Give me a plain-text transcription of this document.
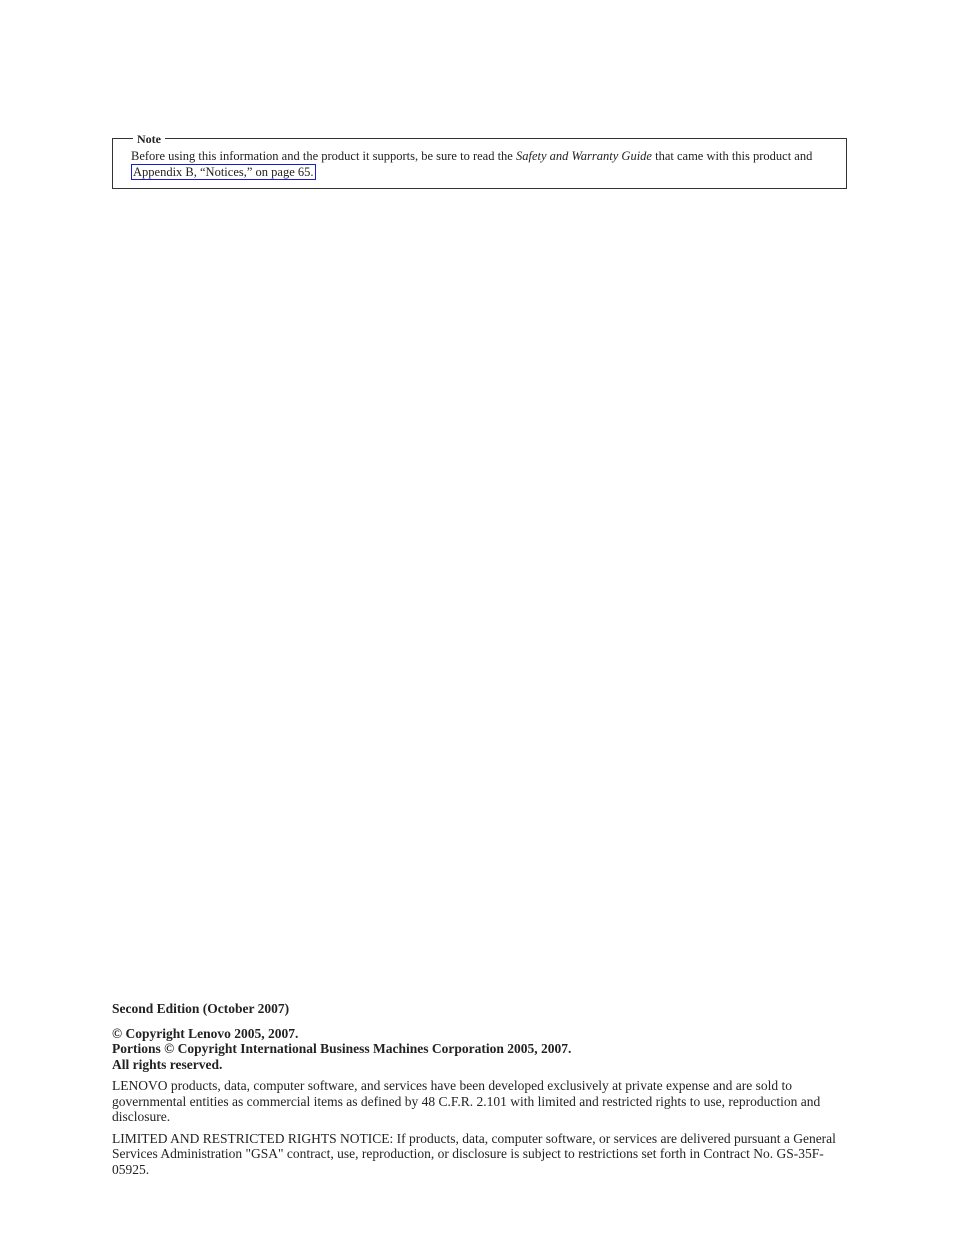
Note
Before using this information and the product it supports, be sure to read the Safety and Warranty Guide that came with this product and Appendix B, “Notices,” on page 65.

Second Edition (October 2007)

© Copyright Lenovo 2005, 2007.

Portions © Copyright International Business Machines Corporation 2005, 2007.

All rights reserved.

LENOVO products, data, computer software, and services have been developed exclusively at private expense and are sold to governmental entities as commercial items as defined by 48 C.F.R. 2.101 with limited and restricted rights to use, reproduction and disclosure.

LIMITED AND RESTRICTED RIGHTS NOTICE: If products, data, computer software, or services are delivered pursuant a General Services Administration "GSA" contract, use, reproduction, or disclosure is subject to restrictions set forth in Contract No. GS-35F-05925.
